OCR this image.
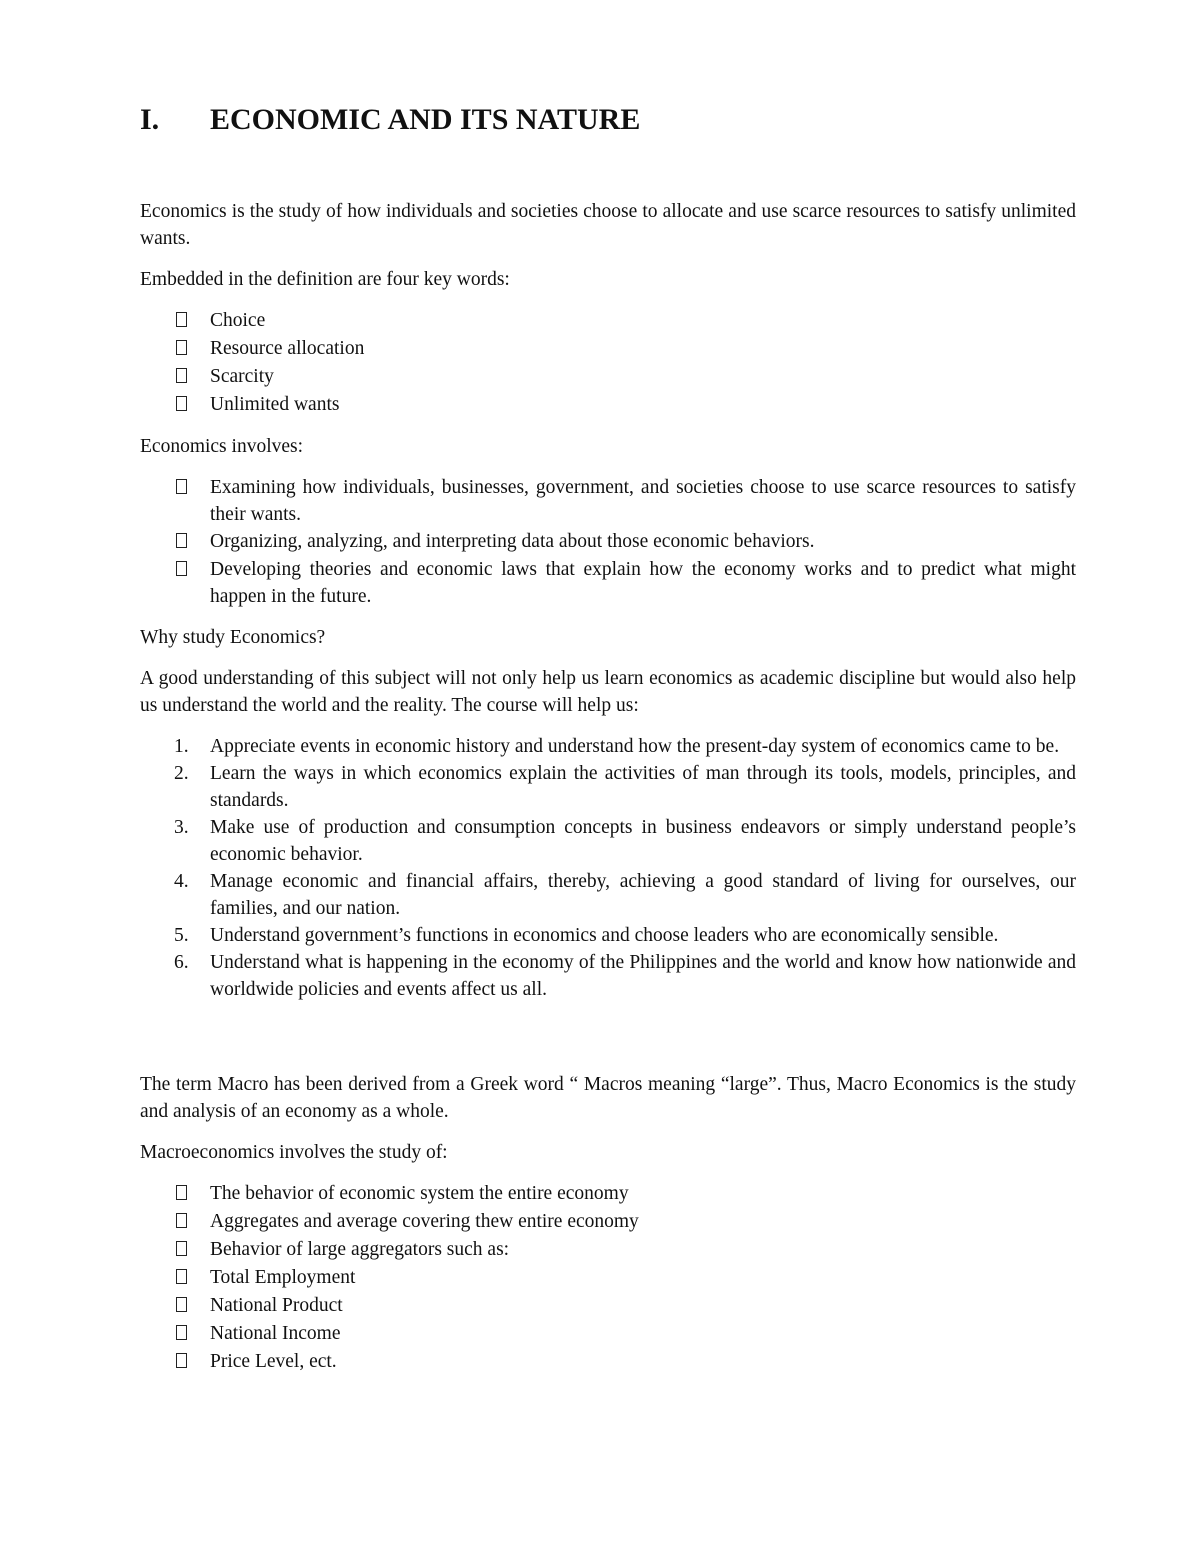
I.	ECONOMIC AND ITS NATURE

Economics is the study of how individuals and societies choose to allocate and use scarce resources to satisfy unlimited wants.

Embedded in the definition are four key words:

Choice
Resource allocation
Scarcity
Unlimited wants

Economics involves:

Examining how individuals, businesses, government, and societies choose to use scarce resources to satisfy their wants.
Organizing, analyzing, and interpreting data about those economic behaviors.
Developing theories and economic laws that explain how the economy works and to predict what might happen in the future.

Why study Economics?

A good understanding of this subject will not only help us learn economics as academic discipline but would also help us understand the world and the reality. The course will help us:

1.	Appreciate events in economic history and understand how the present-day system of economics came to be.
2.	Learn the ways in which economics explain the activities of man through its tools, models, principles, and standards.
3.	Make use of production and consumption concepts in business endeavors or simply understand people’s economic behavior.
4.	Manage economic and financial affairs, thereby, achieving a good standard of living for ourselves, our families, and our nation.
5.	Understand government’s functions in economics and choose leaders who are economically sensible.
6.	Understand what is happening in the economy of the Philippines and the world and know how nationwide and worldwide policies and events affect us all.

The term Macro has been derived from a Greek word “ Macros meaning “large”. Thus, Macro Economics is the study and analysis of an economy as a whole.

Macroeconomics involves the study of:

The behavior of economic system the entire economy
Aggregates and average covering thew entire economy
Behavior of large aggregators such as:
Total Employment
National Product
National Income
Price Level, ect.
